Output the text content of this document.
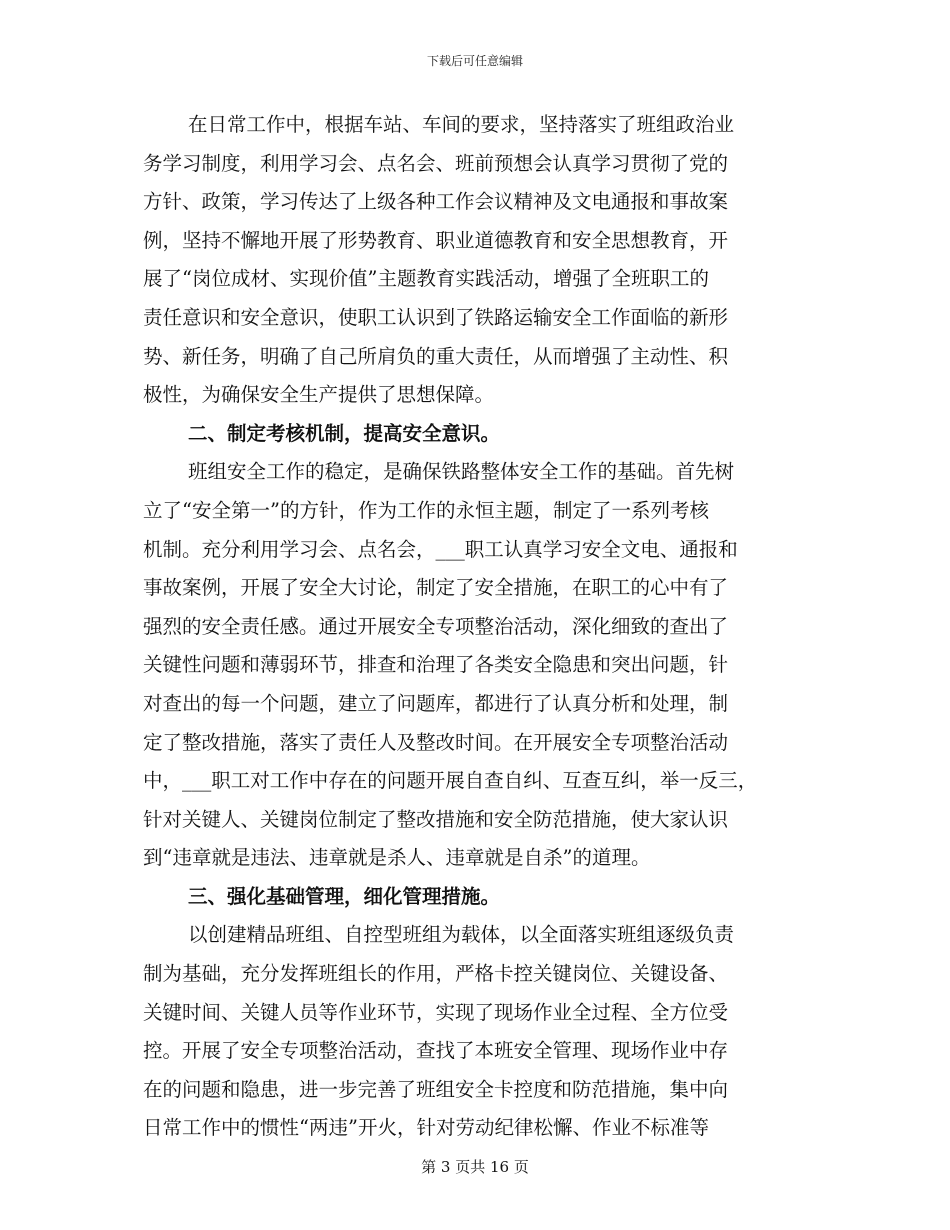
下载后可任意编辑
在日常工作中，根据车站、车间的要求，坚持落实了班组政治业
务学习制度，利用学习会、点名会、班前预想会认真学习贯彻了党的
方针、政策，学习传达了上级各种工作会议精神及文电通报和事故案
例，坚持不懈地开展了形势教育、职业道德教育和安全思想教育，开
展了“岗位成材、实现价值”主题教育实践活动，增强了全班职工的
责任意识和安全意识，使职工认识到了铁路运输安全工作面临的新形
势、新任务，明确了自己所肩负的重大责任，从而增强了主动性、积
极性，为确保安全生产提供了思想保障。
二、制定考核机制，提高安全意识。
班组安全工作的稳定，是确保铁路整体安全工作的基础。首先树
立了“安全第一”的方针，作为工作的永恒主题，制定了一系列考核
机制。充分利用学习会、点名会，___职工认真学习安全文电、通报和
事故案例，开展了安全大讨论，制定了安全措施，在职工的心中有了
强烈的安全责任感。通过开展安全专项整治活动，深化细致的查出了
关键性问题和薄弱环节，排查和治理了各类安全隐患和突出问题，针
对查出的每一个问题，建立了问题库，都进行了认真分析和处理，制
定了整改措施，落实了责任人及整改时间。在开展安全专项整治活动
中，___职工对工作中存在的问题开展自查自纠、互查互纠，举一反三，
针对关键人、关键岗位制定了整改措施和安全防范措施，使大家认识
到“违章就是违法、违章就是杀人、违章就是自杀”的道理。
三、强化基础管理，细化管理措施。
以创建精品班组、自控型班组为载体，以全面落实班组逐级负责
制为基础，充分发挥班组长的作用，严格卡控关键岗位、关键设备、
关键时间、关键人员等作业环节，实现了现场作业全过程、全方位受
控。开展了安全专项整治活动，查找了本班安全管理、现场作业中存
在的问题和隐患，进一步完善了班组安全卡控度和防范措施，集中向
日常工作中的惯性“两违”开火，针对劳动纪律松懈、作业不标准等
第 3 页共 16 页
